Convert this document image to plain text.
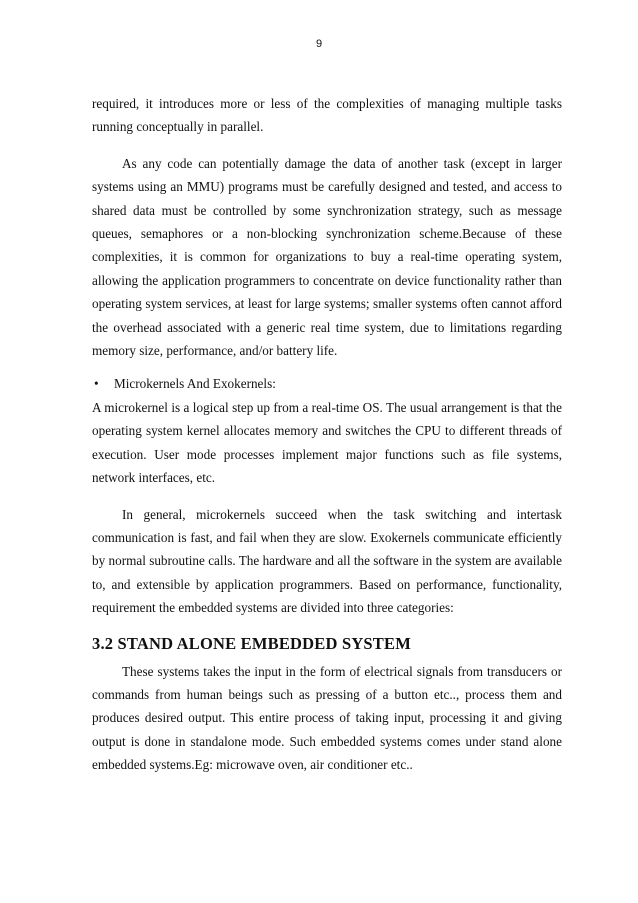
9

required, it introduces more or less of the complexities of managing multiple tasks running conceptually in parallel.

As any code can potentially damage the data of another task (except in larger systems using an MMU) programs must be carefully designed and tested, and access to shared data must be controlled by some synchronization strategy, such as message queues, semaphores or a non-blocking synchronization scheme.Because of these complexities, it is common for organizations to buy a real-time operating system, allowing the application programmers to concentrate on device functionality rather than operating system services, at least for large systems; smaller systems often cannot afford the overhead associated with a generic real time system, due to limitations regarding memory size, performance, and/or battery life.

• Microkernels And Exokernels:

A microkernel is a logical step up from a real-time OS. The usual arrangement is that the operating system kernel allocates memory and switches the CPU to different threads of execution. User mode processes implement major functions such as file systems, network interfaces, etc.

In general, microkernels succeed when the task switching and intertask communication is fast, and fail when they are slow. Exokernels communicate efficiently by normal subroutine calls. The hardware and all the software in the system are available to, and extensible by application programmers. Based on performance, functionality, requirement the embedded systems are divided into three categories:

3.2 STAND ALONE EMBEDDED SYSTEM

These systems takes the input in the form of electrical signals from transducers or commands from human beings such as pressing of a button etc.., process them and produces desired output. This entire process of taking input, processing it and giving output is done in standalone mode. Such embedded systems comes under stand alone embedded systems.Eg: microwave oven, air conditioner etc..
